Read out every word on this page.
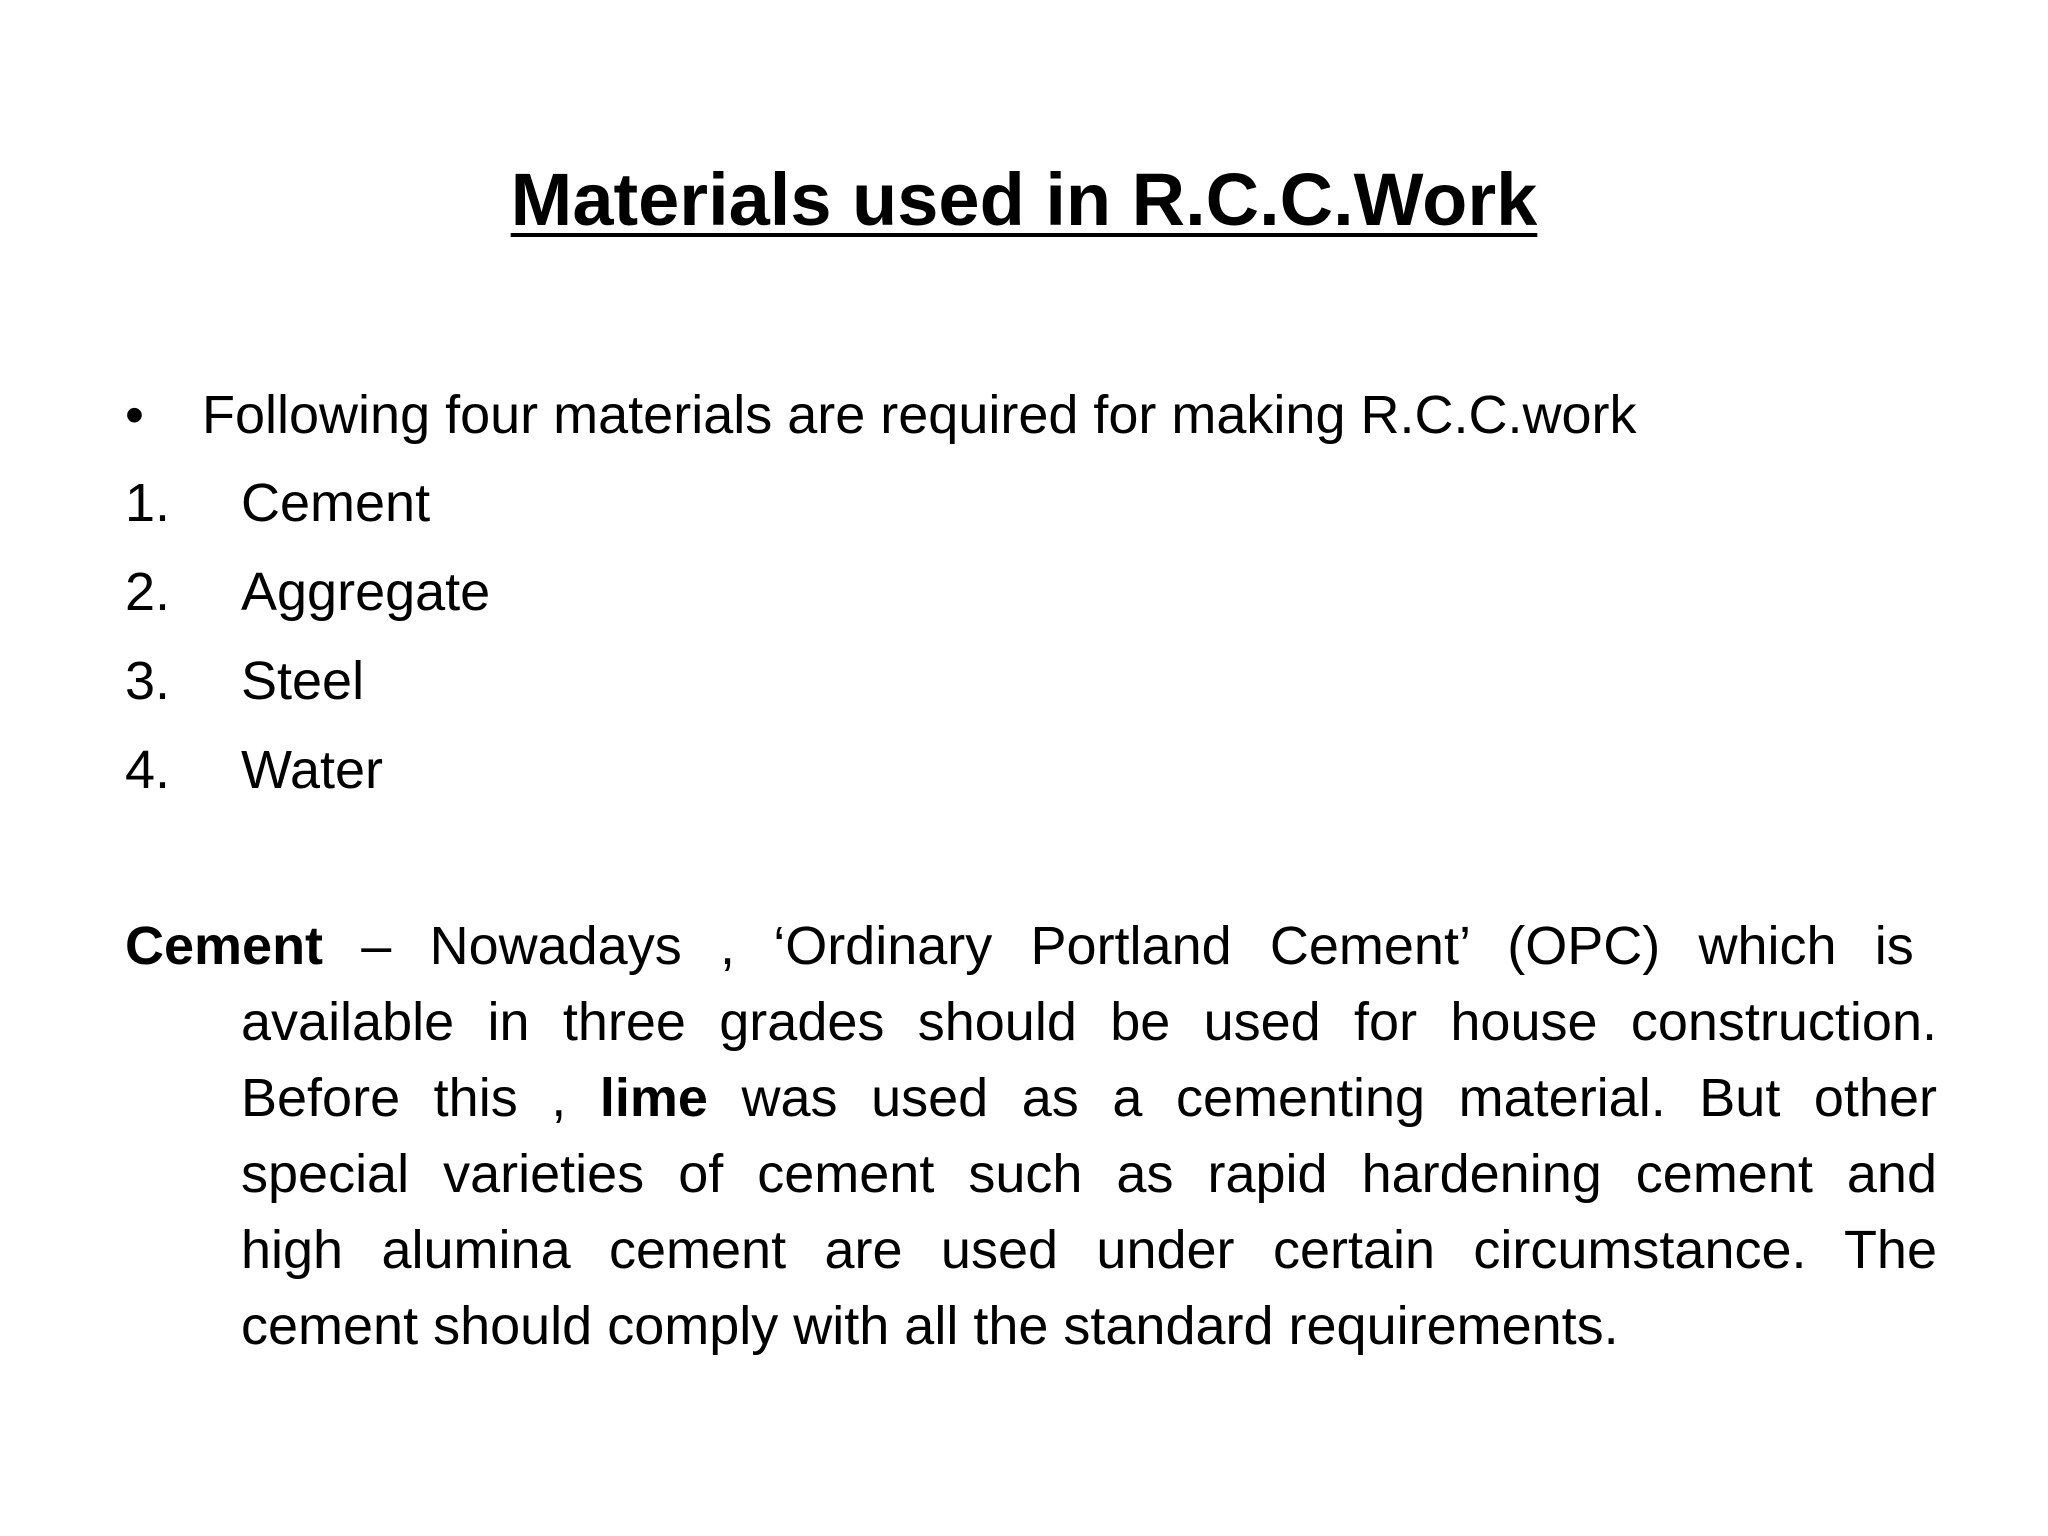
Materials used in R.C.C.Work
• Following four materials are required for making R.C.C.work
1. Cement
2. Aggregate
3. Steel
4. Water
Cement – Nowadays , ‘Ordinary Portland Cement’ (OPC) which is
available in three grades should be used for house construction.
Before this , lime was used as a cementing material. But other
special varieties of cement such as rapid hardening cement and
high alumina cement are used under certain circumstance. The
cement should comply with all the standard requirements.
